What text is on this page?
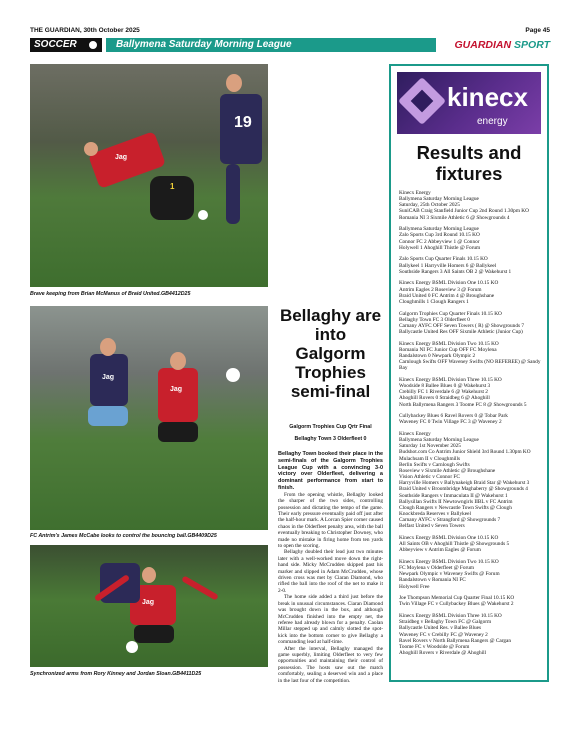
THE GUARDIAN, 30th October 2025	Page 45
SOCCER	Ballymena Saturday Morning League	GUARDIAN SPORT
Jag
19
1
Brave keeping from Brian McManus of Braid United.GB4412D25
Jag
Jag
FC Antrim's James McCabe looks to control the bouncing ball.GB4409D25
Jag
Synchronized arms from Rory Kinney and Jordan Sloan.GB4411D25
Bellaghy are into Galgorm Trophies semi-final
Galgorm Trophies Cup Qrtr Final
Bellaghy Town 3 Olderfleet 0

Bellaghy Town booked their place in the semi-finals of the Galgorm Trophies League Cup with a convincing 3-0 victory over Olderfleet, delivering a dominant performance from start to finish.

From the opening whistle, Bellaghy looked the sharper of the two sides, controlling possession and dictating the tempo of the game. Their early pressure eventually paid off just after the half-hour mark. A Lorcan Spier corner caused chaos in the Olderfleet penalty area, with the ball eventually breaking to Christopher Downey, who made no mistake in firing home from ten yards to open the scoring.

Bellaghy doubled their lead just two minutes later with a well-worked move down the right-hand side. Micky McCrudden skipped past his marker and slipped in Adam McCrudden, whose driven cross was met by Ciaran Diamond, who rifled the ball into the roof of the net to make it 2-0.

The home side added a third just before the break in unusual circumstances. Ciaran Diamond was brought down in the box, and although McCrudden finished into the empty net, the referee had already blown for a penalty. Caolan Millar stepped up and calmly slotted the spot-kick into the bottom corner to give Bellaghy a commanding lead at half-time.

After the interval, Bellaghy managed the game superbly, limiting Olderfleet to very few opportunities and maintaining their control of possession. The hosts saw out the match comfortably, sealing a deserved win and a place in the last four of the competition.

kinecx
energy
Results and
fixtures
Kinecx Energy
Ballymena Saturday Morning League
Saturday, 25th October 2025
SuniCAB Craig Stanfield Junior Cup 2nd Round 1.30pm KO
Romania NI 3 Sixmile Athletic 6 @ Showgrounds 4
Ballymena Saturday Morning League
Zalo Sports Cup 3rd Round 10.15 KO
Connor FC 2 Abbeyview 1 @ Connor
Holywell 1 Ahoghill Thistle @ Forum
Zalo Sports Cup Quarter Finals 10.15 KO
Ballykeel 1 Harryville Homers 6 @ Ballykeel
Southside Rangers 3 All Saints OB 2 @ Wakehurst 1
Kinecx Energy BSML Division One 10.15 KO
Antrim Eagles 2 Roseview 3 @ Forum
Braid United 0 FC Antrim 4 @ Broughshane
Cloughmills 1 Clough Rangers 1
Galgorm Trophies Cup Quarter Finals 10.15 KO
Bellaghy Town FC 3 Olderfleet 0
Carnany AYFC OFF Seven Towers ( R) @ Showgrounds 7
Ballycastle United Res OFF Sixmile Athletic (Junior Cup)
Kinecx Energy BSML Division Two 10.15 KO
Romania NI FC Junior Cup OFF FC Moylena
Randalstown 0 Newpark Olympic 2
Carnlough Swifts OFF Waveney Swifts (NO REFEREE) @ Sandy Bay
Kinecx Energy BSML Division Three 10.15 KO
Woodside 8 Ballee Blues 0 @ Wakehurst 3
Crebilly FC 1 Riverdale 6 @ Wakehurst 2
Ahoghill Rovers 0 Straidbeg 6 @ Ahoghill
North Ballymena Rangers 3 Toome FC 8 @ Showgrounds 5
Cullybackey Blues 6 Ravel Rovers 0 @ Tobar Park
Waveney FC 0 Twin Village FC 3 @ Waveney 2
Kinecx Energy
Ballymena Saturday Morning League
Saturday 1st November 2025
Budshot.com Co Antrim Junior Shield 3rd Round 1.30pm KO
Mulachsam II v Cloughmills
Berlin Swifts v Carnlough Swifts
Roseview v Sixmile Athletic @ Broughshane
Vision Athletic v Connor FC
Harryville Homers v Ballynakeigh Braid Star @ Wakehurst 3
Braid United v Broombridge Maghaberry @ Showgrounds 4
Southside Rangers v Immaculata II @ Wakehurst 1
Ballysillan Swifts II Newtowngirls IIBL v FC Antrim
Clough Rangers v Newcastle Town Swifts @ Clough
Knockbreda Reserves v Ballykeel
Carnany AYFC v Strangford @ Showgrounds 7
Belfast United v Seven Towers
Kinecx Energy BSML Division One 10.15 KO
All Saints OB v Ahoghill Thistle @ Showgrounds 5
Abbeyview v Antrim Eagles @ Forum
Kinecx Energy BSML Division Two 10.15 KO
FC Moylena v Olderfleet @ Forum
Newpark Olympic v Waveney Swifts @ Forum
Randalstown v Romania NI FC
Holywell Free
Joe Thompson Memorial Cup Quarter Final 10.15 KO
Twin Village FC v Cullybackey Blues @ Wakehurst 2
Kinecx Energy BSML Division Three 10.15 KO
Straidbeg v Bellaghy Town FC @ Galgorm
Ballycastle United Res. v Ballee Blues
Waveney FC v Crebilly FC @ Waveney 2
Ravel Rovers v North Ballymena Rangers @ Cargan
Toome FC v Woodside @ Forum
Ahoghill Rovers v Riverdale @ Ahoghill
